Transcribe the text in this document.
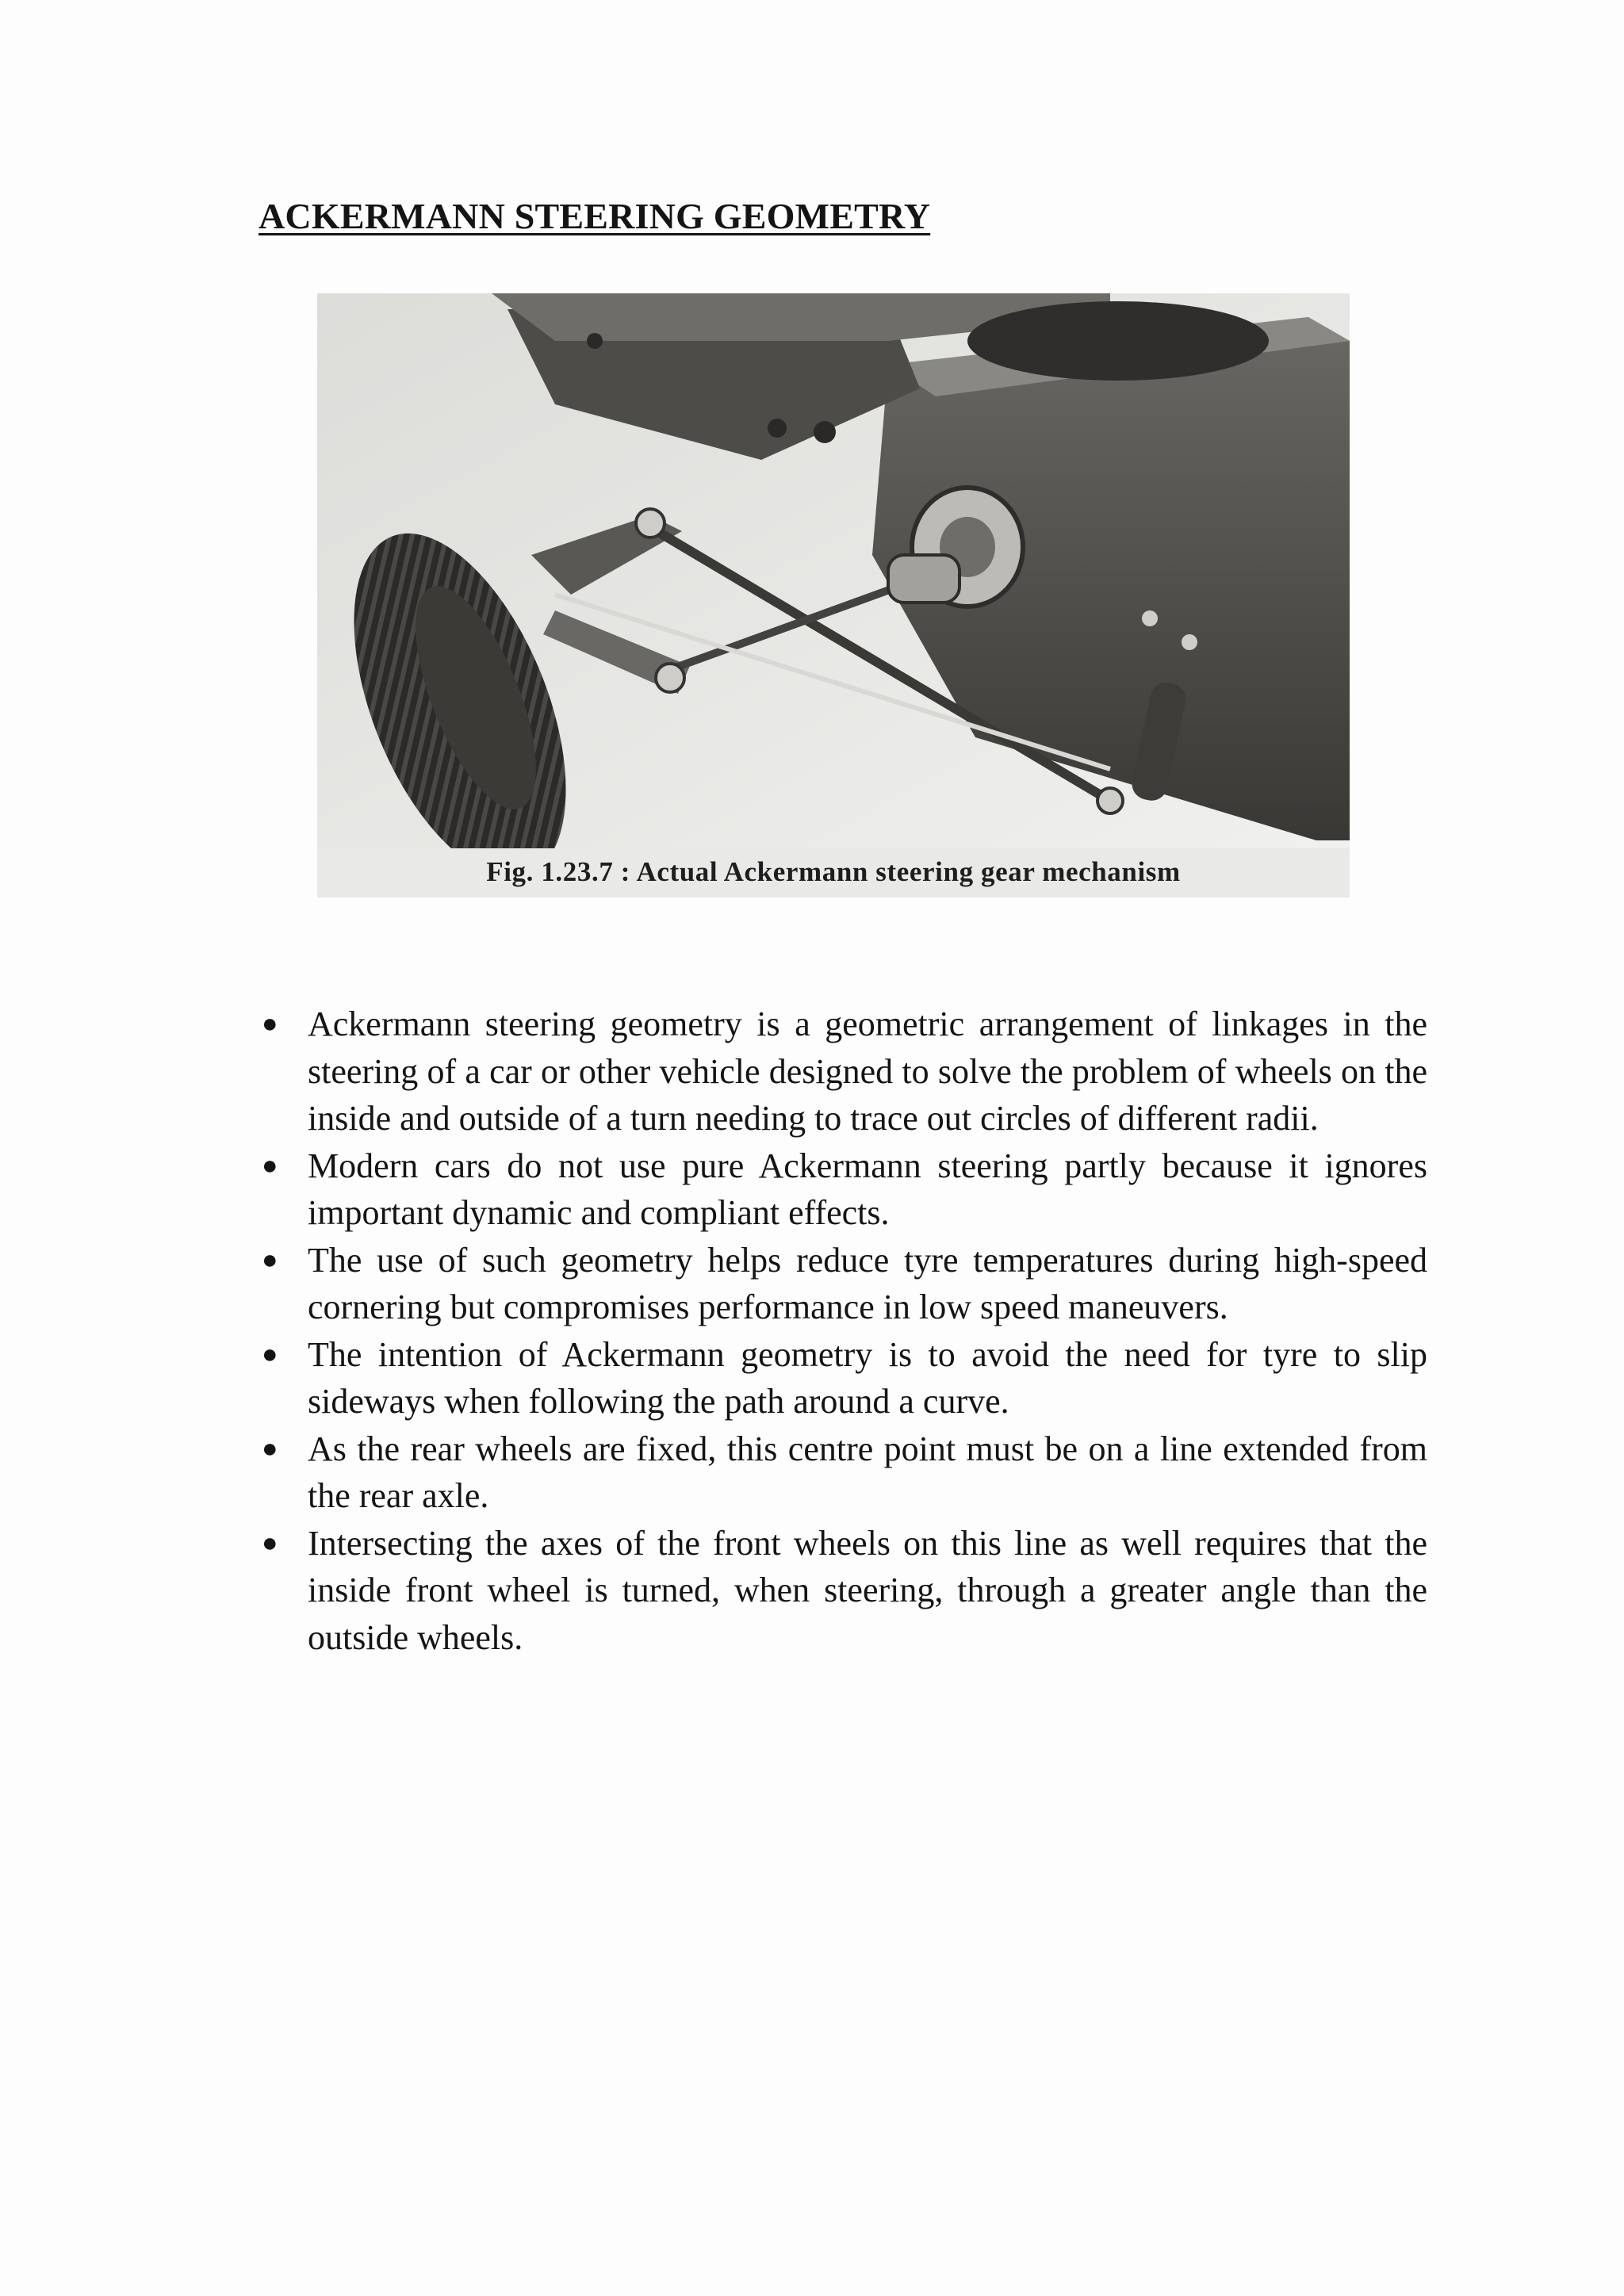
ACKERMANN STEERING GEOMETRY
Fig. 1.23.7 : Actual Ackermann steering gear mechanism
● Ackermann steering geometry is a geometric arrangement of linkages in the steering of a car or other vehicle designed to solve the problem of wheels on the inside and outside of a turn needing to trace out circles of different radii.
● Modern cars do not use pure Ackermann steering partly because it ignores important dynamic and compliant effects.
● The use of such geometry helps reduce tyre temperatures during high-speed cornering but compromises performance in low speed maneuvers.
● The intention of Ackermann geometry is to avoid the need for tyre to slip sideways when following the path around a curve.
● As the rear wheels are fixed, this centre point must be on a line extended from the rear axle.
● Intersecting the axes of the front wheels on this line as well requires that the inside front wheel is turned, when steering, through a greater angle than the outside wheels.
